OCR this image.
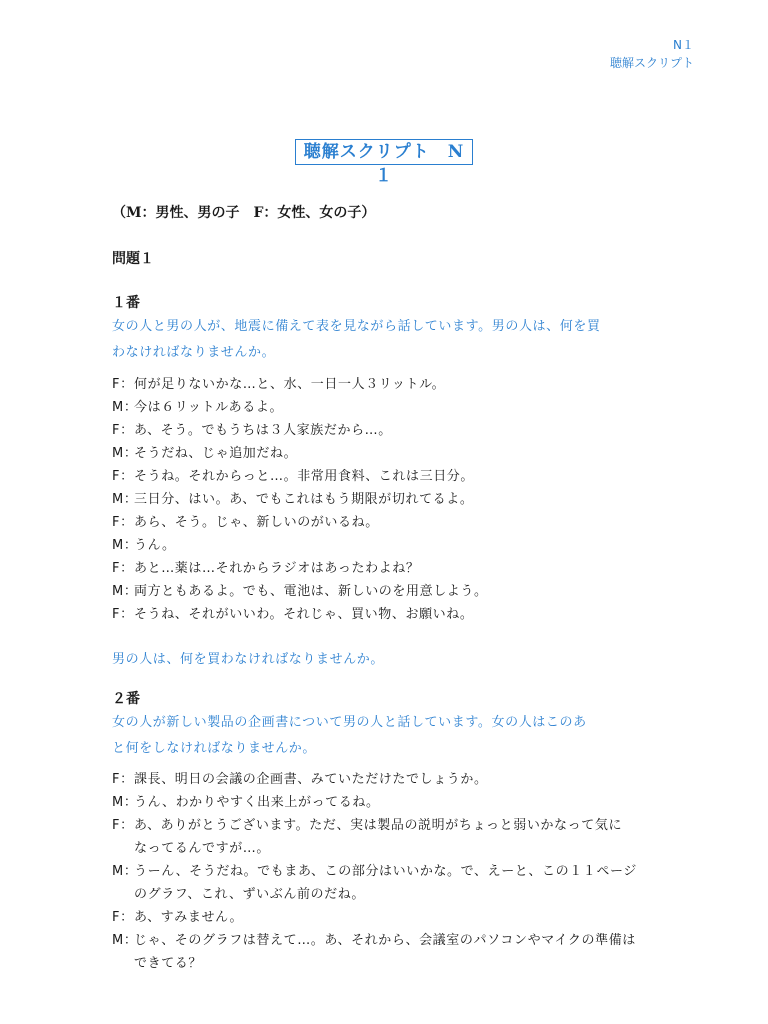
N１
聴解スクリプト
聴解スクリプト　N１
（M：男性、男の子　F：女性、女の子）
問題１
１番
女の人と男の人が、地震に備えて表を見ながら話しています。男の人は、何を買
わなければなりませんか。
F： 何が足りないかな…と、水、一日一人３リットル。
M：
今は６リットルあるよ。
F： あ、そう。でもうちは３人家族だから…。
M：
そうだね、じゃ追加だね。
F： そうね。それからっと…。非常用食料、これは三日分。
M：
三日分、はい。あ、でもこれはもう期限が切れてるよ。
F： あら、そう。じゃ、新しいのがいるね。
M：
うん。
F： あと…薬は…それからラジオはあったわよね？
M：
両方ともあるよ。でも、電池は、新しいのを用意しよう。
F： そうね、それがいいわ。それじゃ、買い物、お願いね。
男の人は、何を買わなければなりませんか。
２番
女の人が新しい製品の企画書について男の人と話しています。女の人はこのあ
と何をしなければなりませんか。
F： 課長、明日の会議の企画書、みていただけたでしょうか。
M：
うん、わかりやすく出来上がってるね。
F： あ、ありがとうございます。ただ、実は製品の説明がちょっと弱いかなって気に
なってるんですが…。
M：
うーん、そうだね。でもまあ、この部分はいいかな。で、えーと、この１１ページ
のグラフ、これ、ずいぶん前のだね。
F： あ、すみません。
M：
じゃ、そのグラフは替えて…。あ、それから、会議室のパソコンやマイクの準備は
できてる？
